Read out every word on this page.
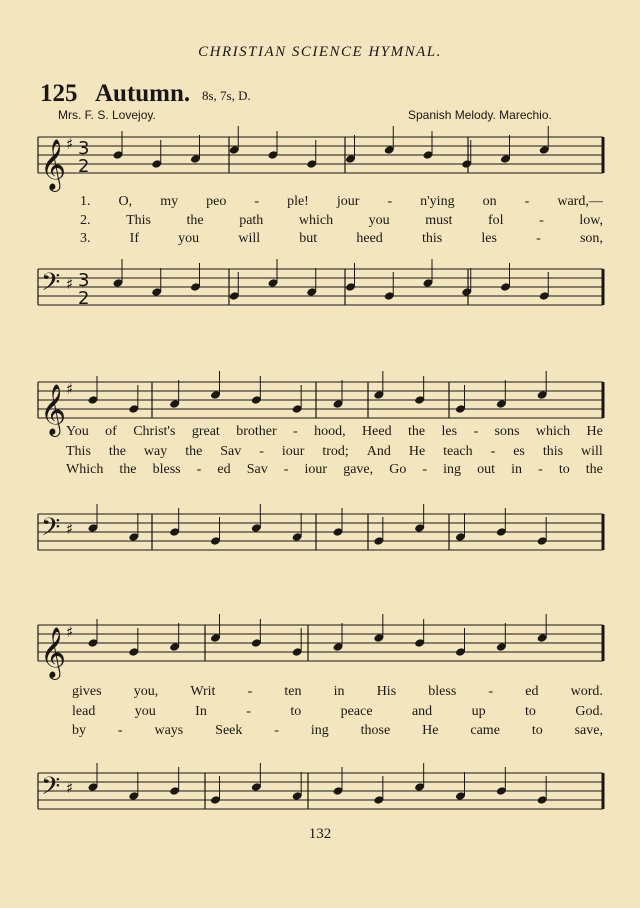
CHRISTIAN SCIENCE HYMNAL.
125 Autumn. 8s, 7s, D.
Mrs. F. S. Lovejoy.	Spanish Melody. Marechio.
𝄞
𝄢
♯
♯
3
2
3
2
𝄞
𝄢
♯
♯
𝄞
𝄢
♯
♯
1. O, my peo - ple! jour - n'ying on - ward,—
2.	This	the	path	which	you	must	fol	-	low,
3.	If	you	will	but	heed	this	les	-	son,
You of Christ's great brother - hood, Heed the les - sons which He
This the way the Sav - iour trod; And He teach - es this will
Which the bless - ed Sav - iour gave, Go - ing out in - to the
gives you, Writ - ten in His bless - ed word.
lead	you	In	-	to	peace	and	up	to	God.
by - ways Seek - ing those He came to save,
132
